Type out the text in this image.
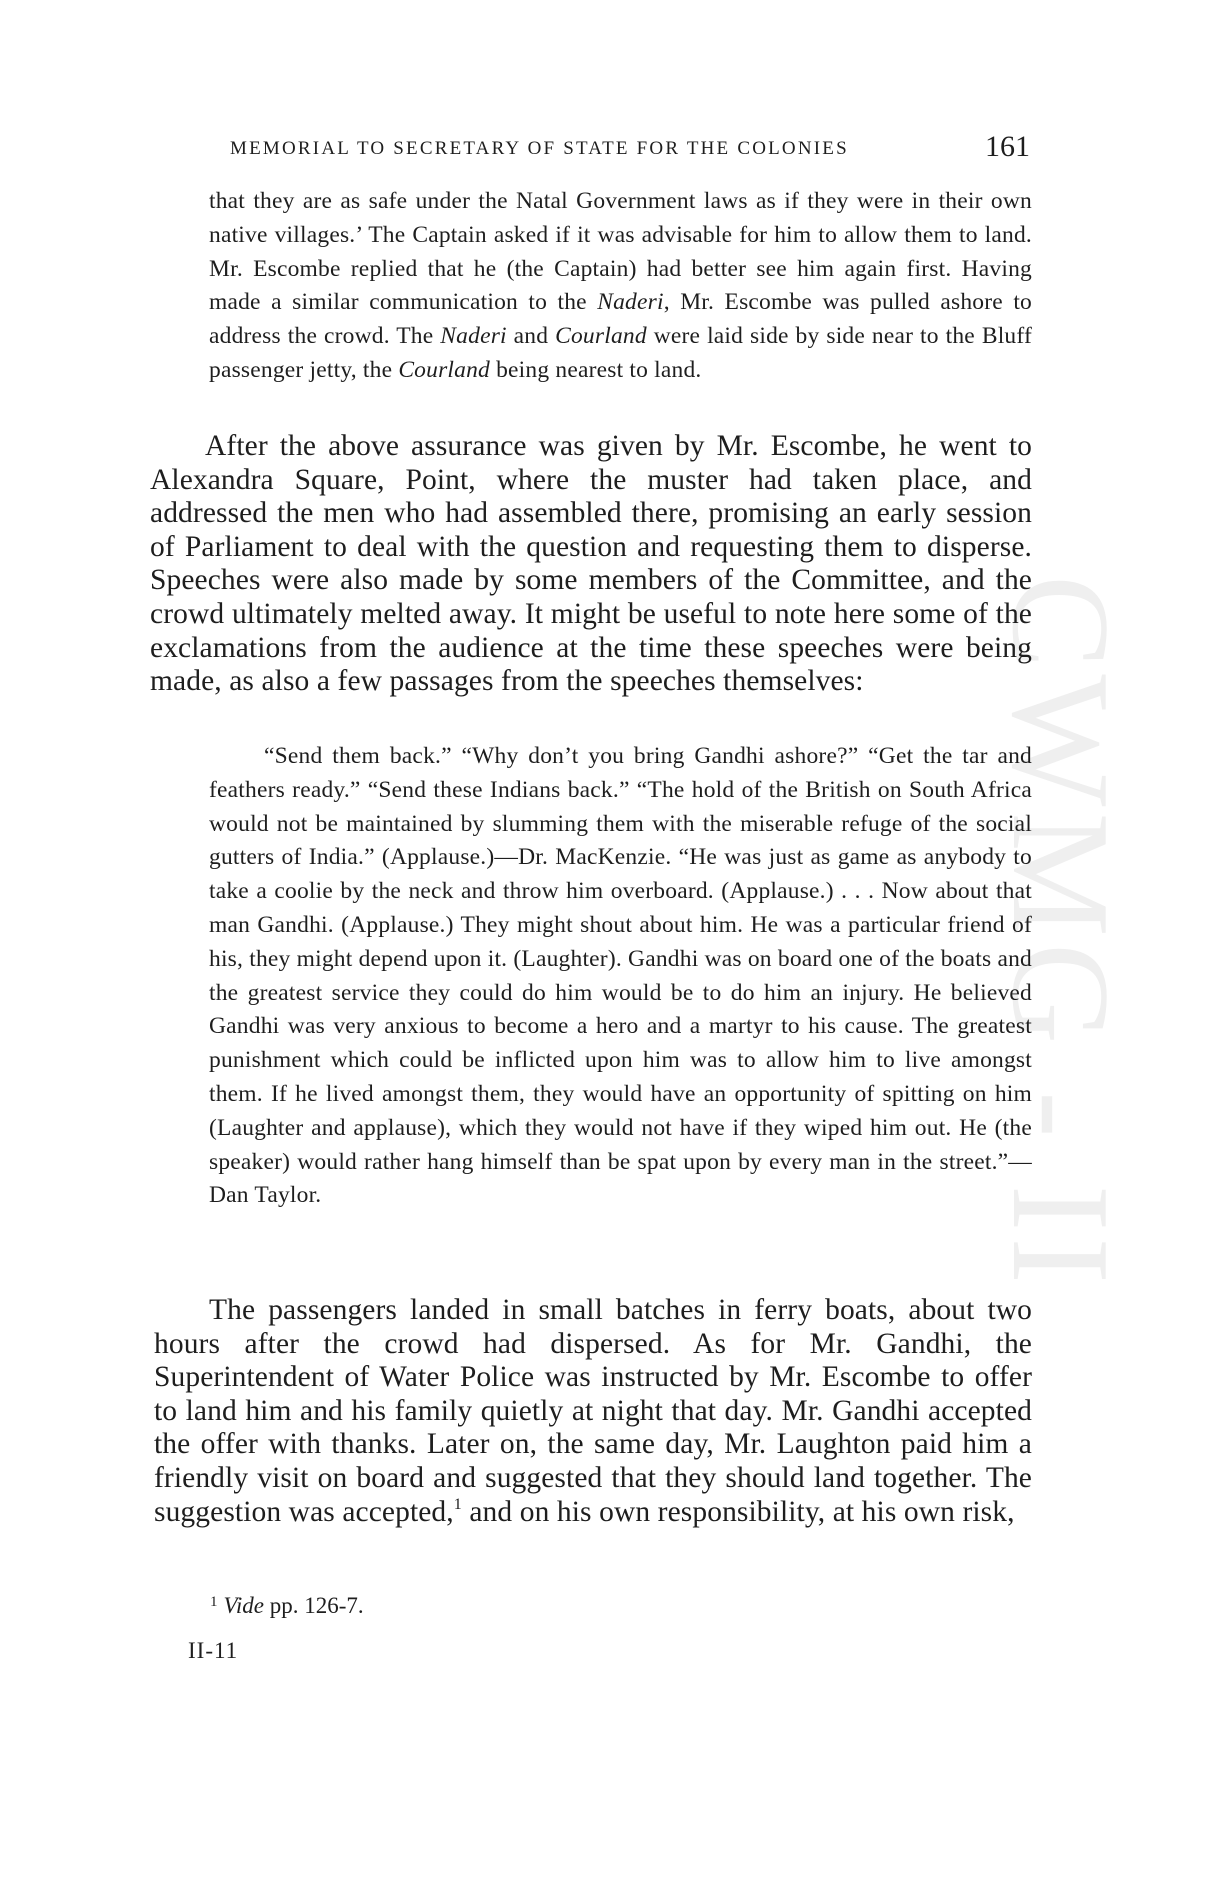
CWMG - II
MEMORIAL TO SECRETARY OF STATE FOR THE COLONIES	161

that they are as safe under the Natal Government laws as if they were in their own native villages.’ The Captain asked if it was advisable for him to allow them to land. Mr. Escombe replied that he (the Captain) had better see him again first. Having made a similar communication to the Naderi, Mr. Escombe was pulled ashore to address the crowd. The Naderi and Courland were laid side by side near to the Bluff passenger jetty, the Courland being nearest to land.

After the above assurance was given by Mr. Escombe, he went to Alexandra Square, Point, where the muster had taken place, and addressed the men who had assembled there, promising an early session of Parliament to deal with the question and requesting them to disperse. Speeches were also made by some members of the Committee, and the crowd ultimately melted away. It might be useful to note here some of the exclamations from the audience at the time these speeches were being made, as also a few passages from the speeches themselves:

“Send them back.” “Why don’t you bring Gandhi ashore?” “Get the tar and feathers ready.” “Send these Indians back.” “The hold of the British on South Africa would not be maintained by slumming them with the miserable refuge of the social gutters of India.” (Applause.)—Dr. MacKenzie. “He was just as game as anybody to take a coolie by the neck and throw him overboard. (Applause.) . . . Now about that man Gandhi. (Applause.) They might shout about him. He was a particular friend of his, they might depend upon it. (Laughter). Gandhi was on board one of the boats and the greatest service they could do him would be to do him an injury. He believed Gandhi was very anxious to become a hero and a martyr to his cause. The greatest punishment which could be inflicted upon him was to allow him to live amongst them. If he lived amongst them, they would have an opportunity of spitting on him (Laughter and applause), which they would not have if they wiped him out. He (the speaker) would rather hang himself than be spat upon by every man in the street.”—Dan Taylor.

The passengers landed in small batches in ferry boats, about two hours after the crowd had dispersed. As for Mr. Gandhi, the Superintendent of Water Police was instructed by Mr. Escombe to offer to land him and his family quietly at night that day. Mr. Gandhi accepted the offer with thanks. Later on, the same day, Mr. Laughton paid him a friendly visit on board and suggested that they should land together. The suggestion was accepted,$^1$ and on his own responsibility, at his own risk,

$^1$ Vide pp. 126-7.
II-11
